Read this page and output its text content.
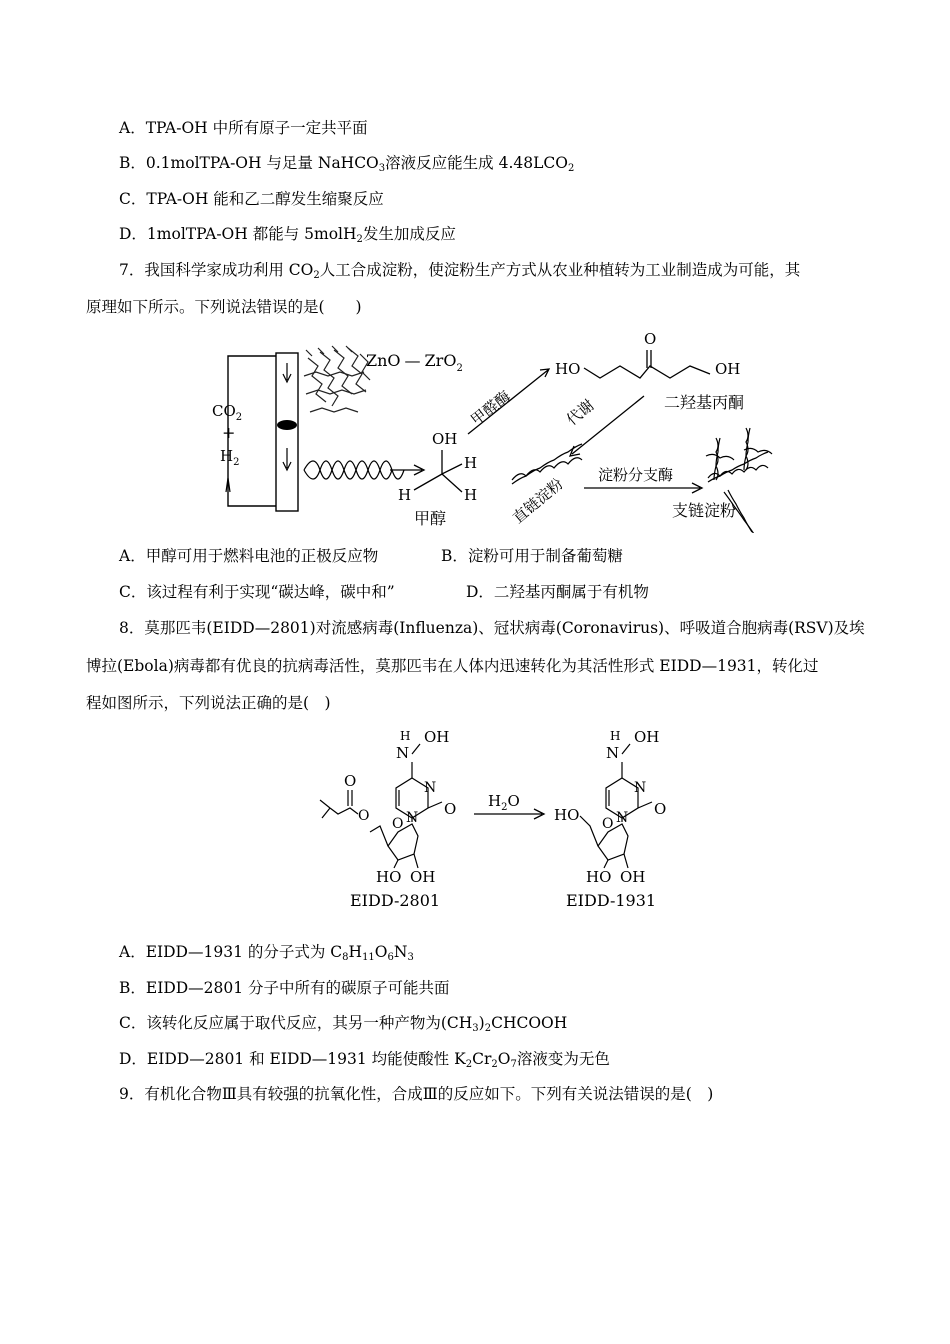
A．TPA-OH 中所有原子一定共平面
B．0.1molTPA-OH 与足量 NaHCO$_3$溶液反应能生成 $4.48LCO_2$
C．TPA-OH 能和乙二醇发生缩聚反应
D．1molTPA-OH 都能与 5molH$_2$发生加成反应
7．我国科学家成功利用 $CO_2$人工合成淀粉，使淀粉生产方式从农业种植转为工业制造成为可能，其
原理如下所示。下列说法错误的是(　　)
$CO_2$
+
$H_2$
ZnO — ZrO$_2$
OH
H
H	H
甲醇
甲醛酶
HO
O
OH
二羟基丙酮
代谢
直链淀粉 淀粉分支酶
支链淀粉
A．甲醇可用于燃料电池的正极反应物	B．淀粉可用于制备葡萄糖
C．该过程有利于实现“碳达峰，碳中和”	D．二羟基丙酮属于有机物
8．莫那匹韦(EIDD—2801)对流感病毒(Influenza)、冠状病毒(Coronavirus)、呼吸道合胞病毒(RSV)及埃
博拉(Ebola)病毒都有优良的抗病毒活性，莫那匹韦在人体内迅速转化为其活性形式 EIDD—1931，转化过
程如图所示，下列说法正确的是(　)
N
H OH
N
N O
O
O
O
HO OH
EIDD-2801
$H_2O$
N
H OH
N
N O
O
HO
HO OH
EIDD-1931
A．EIDD—1931 的分子式为 $C_8H_{11}O_6N_3$
B．EIDD—2801 分子中所有的碳原子可能共面
C．该转化反应属于取代反应，其另一种产物为$(CH_3)_2CHCOOH$
D．EIDD—2801 和 EIDD—1931 均能使酸性 $K_2Cr_2O_7$溶液变为无色
9．有机化合物Ⅲ具有较强的抗氧化性，合成Ⅲ的反应如下。下列有关说法错误的是(　)
